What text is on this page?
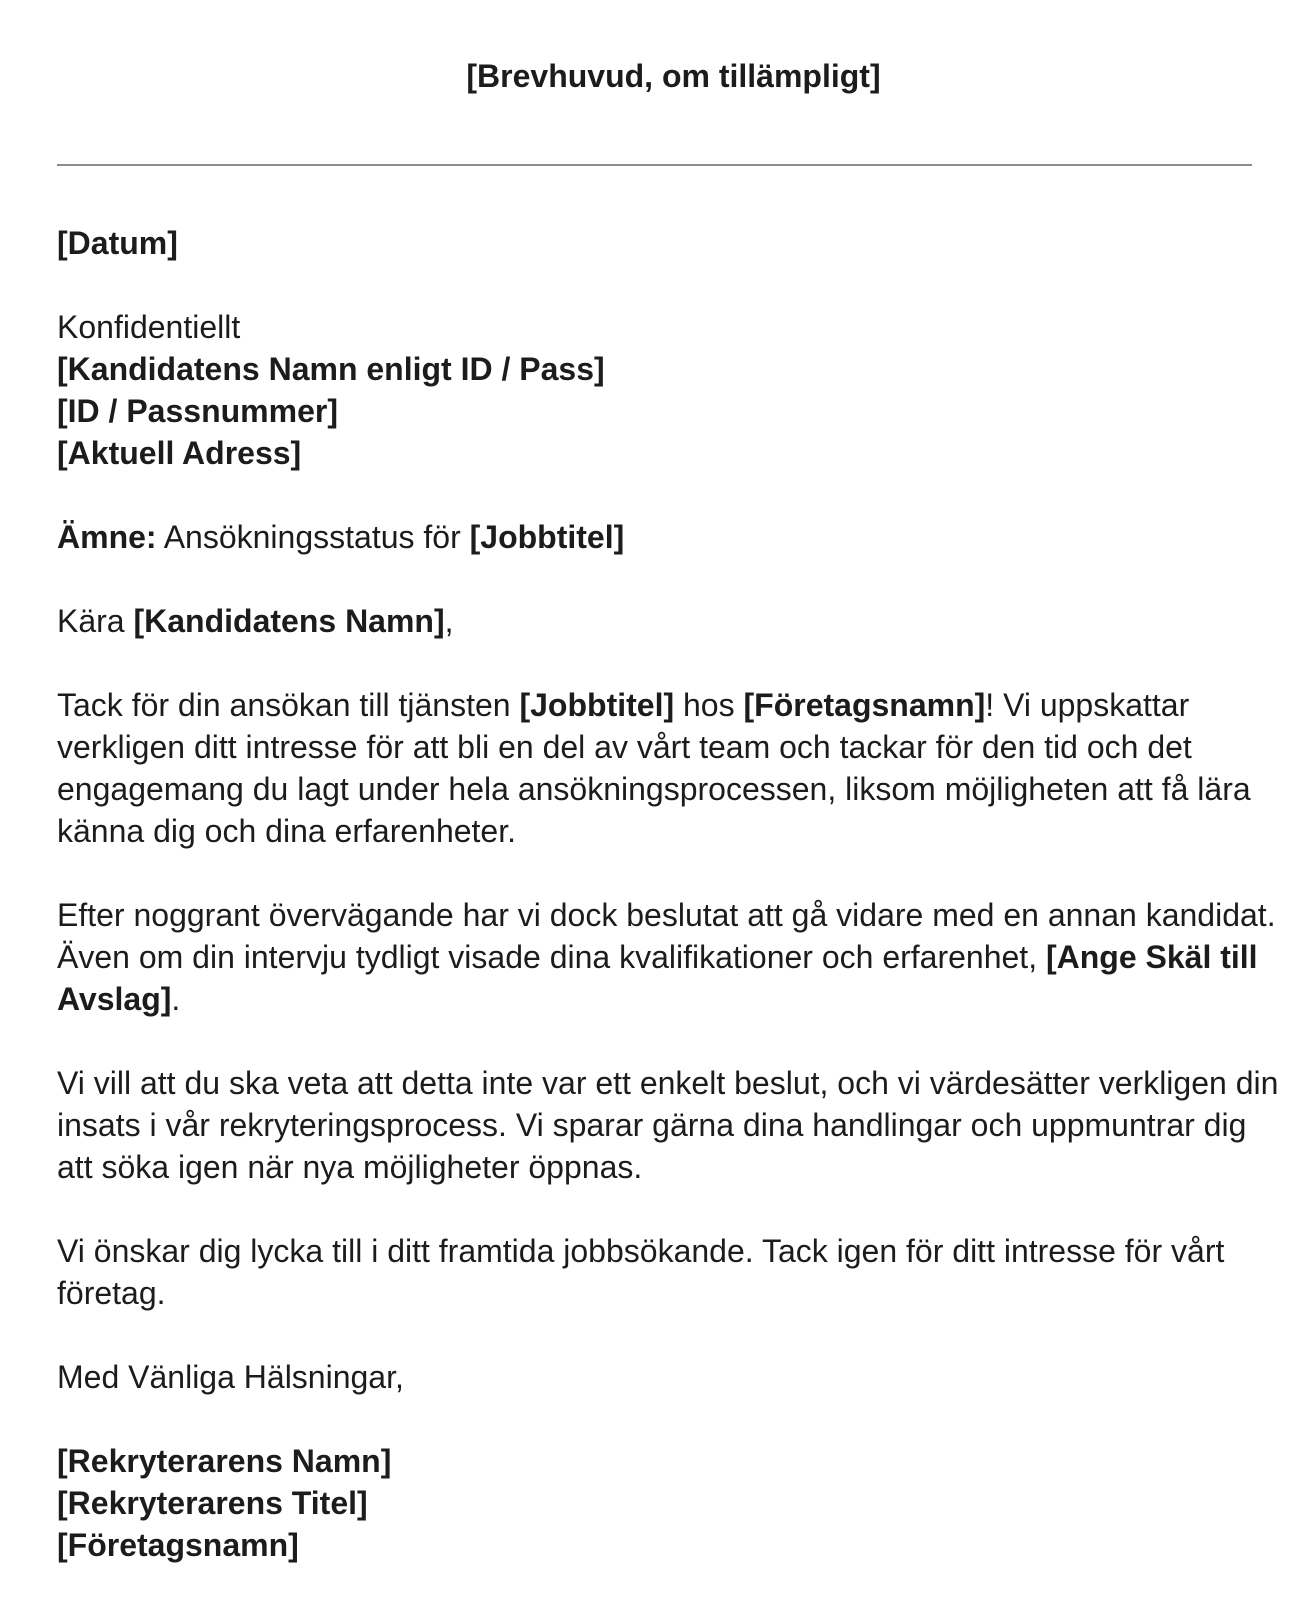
[Brevhuvud, om tillämpligt]
[Datum]
Konfidentiellt
[Kandidatens Namn enligt ID / Pass]
[ID / Passnummer]
[Aktuell Adress]
Ämne: Ansökningsstatus för [Jobbtitel]
Kära [Kandidatens Namn],
Tack för din ansökan till tjänsten [Jobbtitel] hos [Företagsnamn]! Vi uppskattar verkligen ditt intresse för att bli en del av vårt team och tackar för den tid och det engagemang du lagt under hela ansökningsprocessen, liksom möjligheten att få lära känna dig och dina erfarenheter.
Efter noggrant övervägande har vi dock beslutat att gå vidare med en annan kandidat. Även om din intervju tydligt visade dina kvalifikationer och erfarenhet, [Ange Skäl till Avslag].
Vi vill att du ska veta att detta inte var ett enkelt beslut, och vi värdesätter verkligen din insats i vår rekryteringsprocess. Vi sparar gärna dina handlingar och uppmuntrar dig att söka igen när nya möjligheter öppnas.
Vi önskar dig lycka till i ditt framtida jobbsökande. Tack igen för ditt intresse för vårt företag.
Med Vänliga Hälsningar,
[Rekryterarens Namn]
[Rekryterarens Titel]
[Företagsnamn]
